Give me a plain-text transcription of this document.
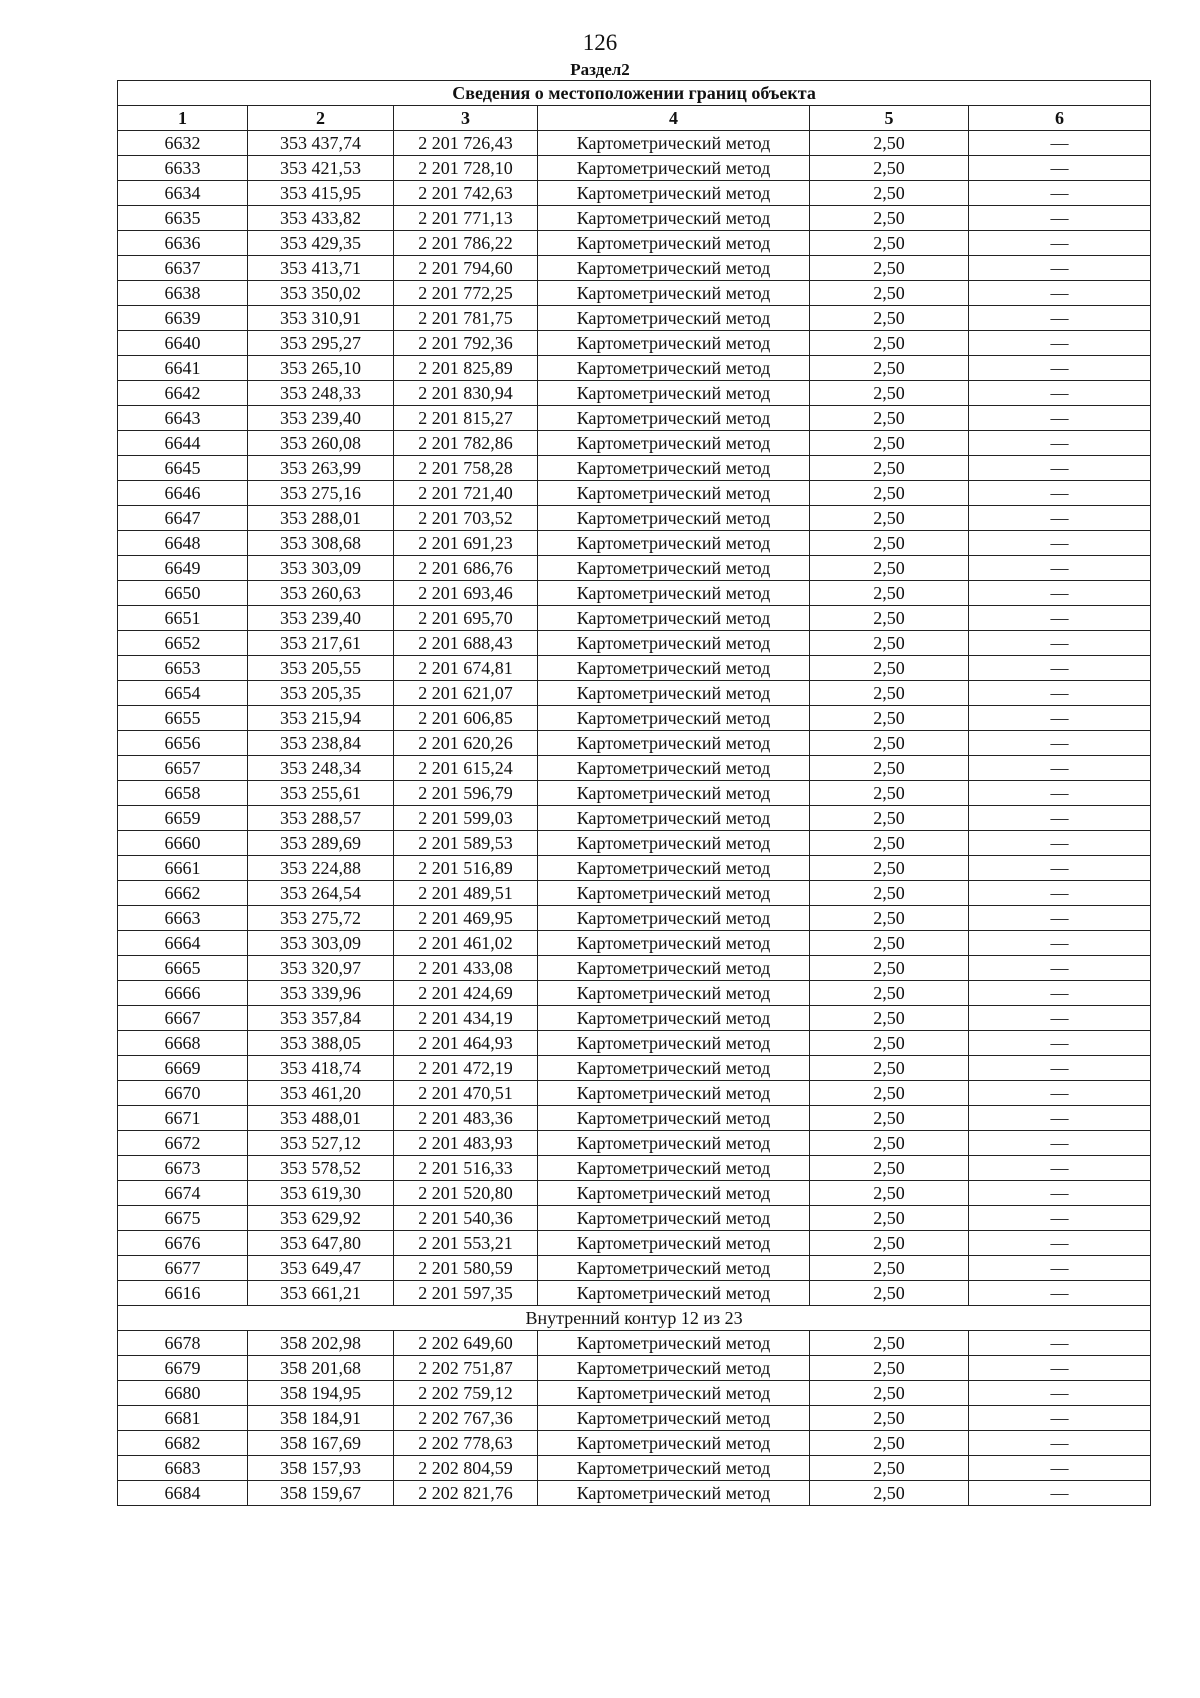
126
Раздел2
Сведения о местоположении границ объекта					
1	2	3	4	5	6
6632	353 437,74	2 201 726,43	Картометрический метод	2,50	—
6633	353 421,53	2 201 728,10	Картометрический метод	2,50	—
6634	353 415,95	2 201 742,63	Картометрический метод	2,50	—
6635	353 433,82	2 201 771,13	Картометрический метод	2,50	—
6636	353 429,35	2 201 786,22	Картометрический метод	2,50	—
6637	353 413,71	2 201 794,60	Картометрический метод	2,50	—
6638	353 350,02	2 201 772,25	Картометрический метод	2,50	—
6639	353 310,91	2 201 781,75	Картометрический метод	2,50	—
6640	353 295,27	2 201 792,36	Картометрический метод	2,50	—
6641	353 265,10	2 201 825,89	Картометрический метод	2,50	—
6642	353 248,33	2 201 830,94	Картометрический метод	2,50	—
6643	353 239,40	2 201 815,27	Картометрический метод	2,50	—
6644	353 260,08	2 201 782,86	Картометрический метод	2,50	—
6645	353 263,99	2 201 758,28	Картометрический метод	2,50	—
6646	353 275,16	2 201 721,40	Картометрический метод	2,50	—
6647	353 288,01	2 201 703,52	Картометрический метод	2,50	—
6648	353 308,68	2 201 691,23	Картометрический метод	2,50	—
6649	353 303,09	2 201 686,76	Картометрический метод	2,50	—
6650	353 260,63	2 201 693,46	Картометрический метод	2,50	—
6651	353 239,40	2 201 695,70	Картометрический метод	2,50	—
6652	353 217,61	2 201 688,43	Картометрический метод	2,50	—
6653	353 205,55	2 201 674,81	Картометрический метод	2,50	—
6654	353 205,35	2 201 621,07	Картометрический метод	2,50	—
6655	353 215,94	2 201 606,85	Картометрический метод	2,50	—
6656	353 238,84	2 201 620,26	Картометрический метод	2,50	—
6657	353 248,34	2 201 615,24	Картометрический метод	2,50	—
6658	353 255,61	2 201 596,79	Картометрический метод	2,50	—
6659	353 288,57	2 201 599,03	Картометрический метод	2,50	—
6660	353 289,69	2 201 589,53	Картометрический метод	2,50	—
6661	353 224,88	2 201 516,89	Картометрический метод	2,50	—
6662	353 264,54	2 201 489,51	Картометрический метод	2,50	—
6663	353 275,72	2 201 469,95	Картометрический метод	2,50	—
6664	353 303,09	2 201 461,02	Картометрический метод	2,50	—
6665	353 320,97	2 201 433,08	Картометрический метод	2,50	—
6666	353 339,96	2 201 424,69	Картометрический метод	2,50	—
6667	353 357,84	2 201 434,19	Картометрический метод	2,50	—
6668	353 388,05	2 201 464,93	Картометрический метод	2,50	—
6669	353 418,74	2 201 472,19	Картометрический метод	2,50	—
6670	353 461,20	2 201 470,51	Картометрический метод	2,50	—
6671	353 488,01	2 201 483,36	Картометрический метод	2,50	—
6672	353 527,12	2 201 483,93	Картометрический метод	2,50	—
6673	353 578,52	2 201 516,33	Картометрический метод	2,50	—
6674	353 619,30	2 201 520,80	Картометрический метод	2,50	—
6675	353 629,92	2 201 540,36	Картометрический метод	2,50	—
6676	353 647,80	2 201 553,21	Картометрический метод	2,50	—
6677	353 649,47	2 201 580,59	Картометрический метод	2,50	—
6616	353 661,21	2 201 597,35	Картометрический метод	2,50	—
Внутренний контур 12 из 23					
6678	358 202,98	2 202 649,60	Картометрический метод	2,50	—
6679	358 201,68	2 202 751,87	Картометрический метод	2,50	—
6680	358 194,95	2 202 759,12	Картометрический метод	2,50	—
6681	358 184,91	2 202 767,36	Картометрический метод	2,50	—
6682	358 167,69	2 202 778,63	Картометрический метод	2,50	—
6683	358 157,93	2 202 804,59	Картометрический метод	2,50	—
6684	358 159,67	2 202 821,76	Картометрический метод	2,50	—
